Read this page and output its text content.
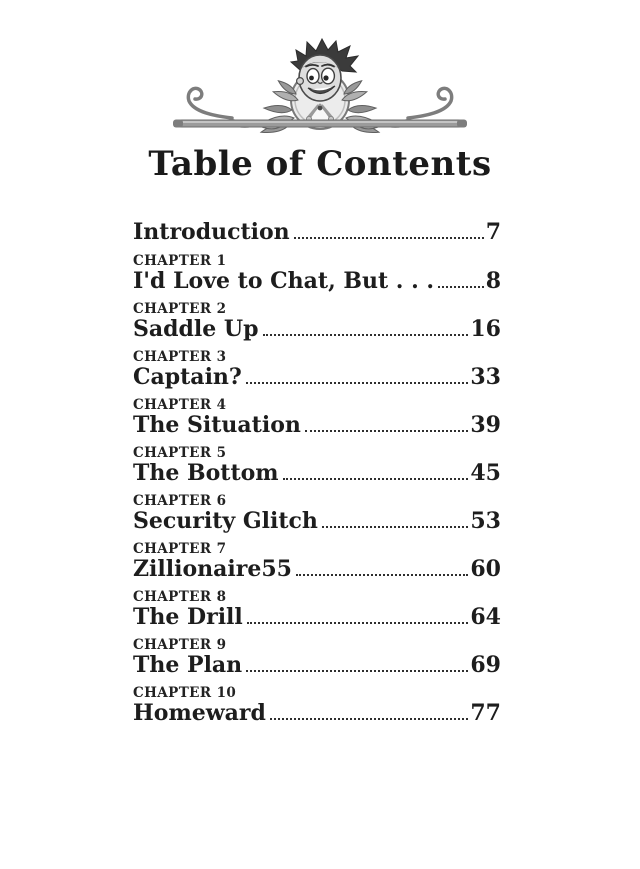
Table of Contents
Introduction	7
CHAPTER 1
I'd Love to Chat, But . . . 8
CHAPTER 2
Saddle Up	16
CHAPTER 3
Captain?	33
CHAPTER 4
The Situation	39
CHAPTER 5
The Bottom	45
CHAPTER 6
Security Glitch	53
CHAPTER 7
Zillionaire55	60
CHAPTER 8
The Drill	64
CHAPTER 9
The Plan	69
CHAPTER 10
Homeward	77
